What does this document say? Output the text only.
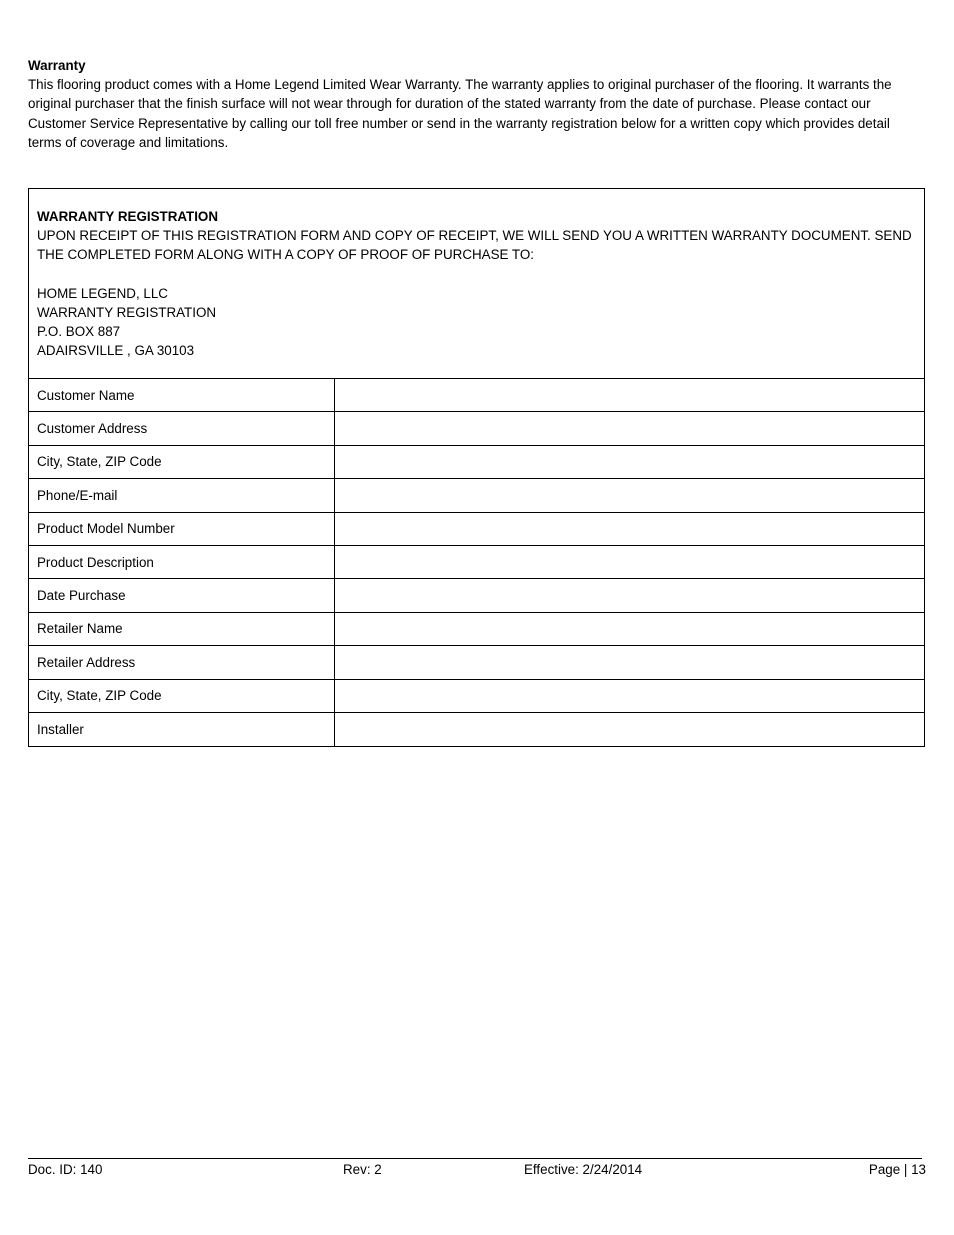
Warranty

This flooring product comes with a Home Legend Limited Wear Warranty. The warranty applies to original purchaser of the flooring. It warrants the original purchaser that the finish surface will not wear through for duration of the stated warranty from the date of purchase. Please contact our Customer Service Representative by calling our toll free number or send in the warranty registration below for a written copy which provides detail terms of coverage and limitations.

WARRANTY REGISTRATION
UPON RECEIPT OF THIS REGISTRATION FORM AND COPY OF RECEIPT, WE WILL SEND YOU A WRITTEN WARRANTY DOCUMENT. SEND THE COMPLETED FORM ALONG WITH A COPY OF PROOF OF PURCHASE TO:
HOME LEGEND, LLC
WARRANTY REGISTRATION
P.O. BOX 887
ADAIRSVILLE , GA 30103
Customer Name	
Customer Address	
City, State, ZIP Code	
Phone/E-mail	
Product Model Number	
Product Description	
Date Purchase	
Retailer Name	
Retailer Address	
City, State, ZIP Code	
Installer	
Doc. ID: 140	Rev: 2	Effective: 2/24/2014	Page | 13
